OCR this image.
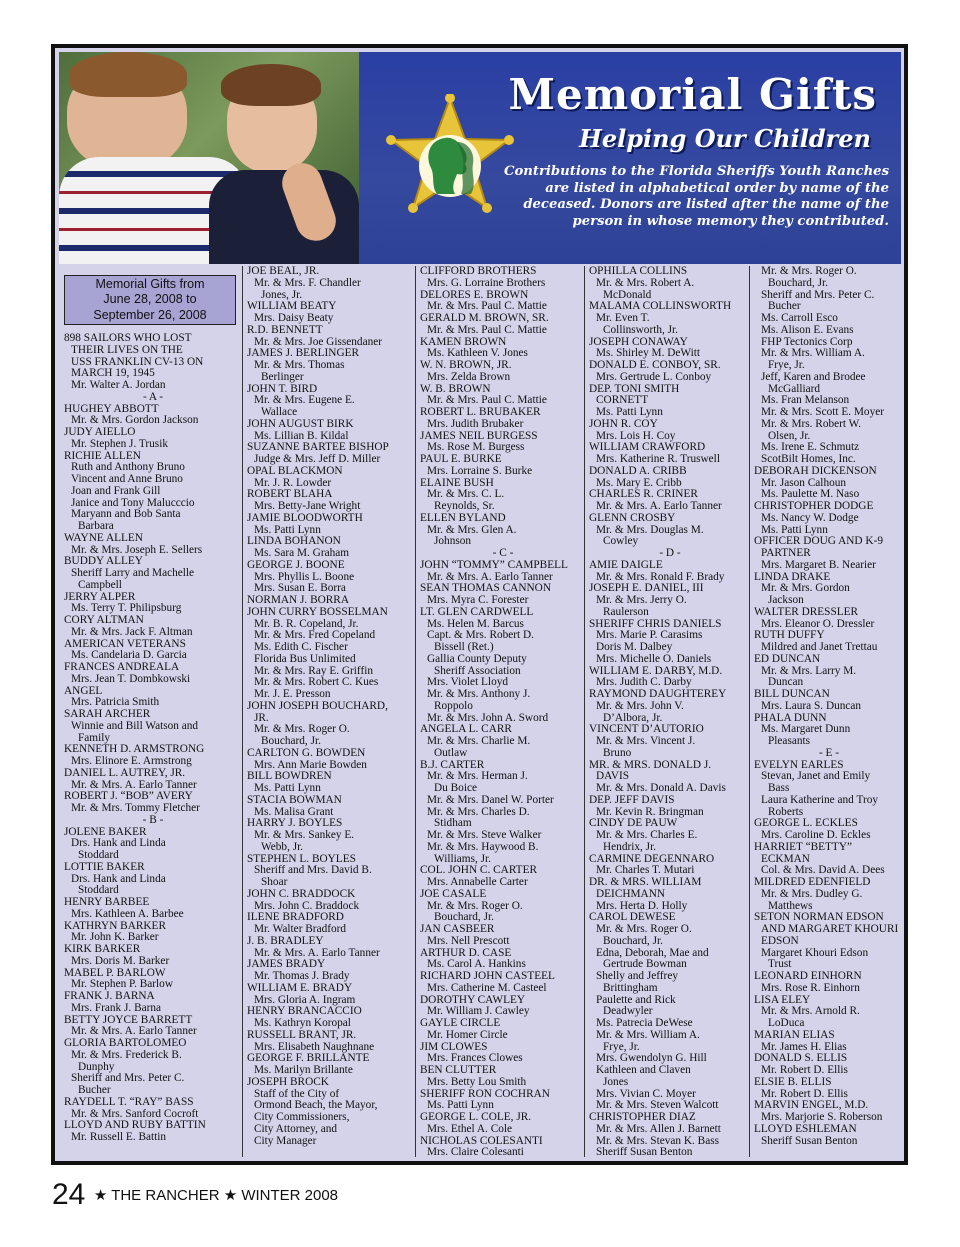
Memorial Gifts
Helping Our Children

Contributions to the Florida Sheriffs Youth Ranches are listed in alphabetical order by name of the deceased. Donors are listed after the name of the person in whose memory they contributed.

Memorial Gifts from
June 28, 2008 to
September 26, 2008
898 SAILORS WHO LOST
THEIR LIVES ON THE
USS FRANKLIN CV-13 ON
MARCH 19, 1945
Mr. Walter A. Jordan
- A -
HUGHEY ABBOTT
Mr. & Mrs. Gordon Jackson
JUDY AIELLO
Mr. Stephen J. Trusik
RICHIE ALLEN
Ruth and Anthony Bruno
Vincent and Anne Bruno
Joan and Frank Gill
Janice and Tony Malucccio
Maryann and Bob Santa
Barbara
WAYNE ALLEN
Mr. & Mrs. Joseph E. Sellers
BUDDY ALLEY
Sheriff Larry and Machelle
Campbell
JERRY ALPER
Ms. Terry T. Philipsburg
CORY ALTMAN
Mr. & Mrs. Jack F. Altman
AMERICAN VETERANS
Ms. Candelaria D. Garcia
FRANCES ANDREALA
Mrs. Jean T. Dombkowski
ANGEL
Mrs. Patricia Smith
SARAH ARCHER
Winnie and Bill Watson and
Family
KENNETH D. ARMSTRONG
Mrs. Elinore E. Armstrong
DANIEL L. AUTREY, JR.
Mr. & Mrs. A. Earlo Tanner
ROBERT J. “BOB” AVERY
Mr. & Mrs. Tommy Fletcher
- B -
JOLENE BAKER
Drs. Hank and Linda
Stoddard
LOTTIE BAKER
Drs. Hank and Linda
Stoddard
HENRY BARBEE
Mrs. Kathleen A. Barbee
KATHRYN BARKER
Mr. John K. Barker
KIRK BARKER
Mrs. Doris M. Barker
MABEL P. BARLOW
Mr. Stephen P. Barlow
FRANK J. BARNA
Mrs. Frank J. Barna
BETTY JOYCE BARRETT
Mr. & Mrs. A. Earlo Tanner
GLORIA BARTOLOMEO
Mr. & Mrs. Frederick B.
Dunphy
Sheriff and Mrs. Peter C.
Bucher
RAYDELL T. “RAY” BASS
Mr. & Mrs. Sanford Cocroft
LLOYD AND RUBY BATTIN
Mr. Russell E. Battin
JOE BEAL, JR.
Mr. & Mrs. F. Chandler
Jones, Jr.
WILLIAM BEATY
Mrs. Daisy Beaty
R.D. BENNETT
Mr. & Mrs. Joe Gissendaner
JAMES J. BERLINGER
Mr. & Mrs. Thomas
Berlinger
JOHN T. BIRD
Mr. & Mrs. Eugene E.
Wallace
JOHN AUGUST BIRK
Ms. Lillian B. Kildal
SUZANNE BARTEE BISHOP
Judge & Mrs. Jeff D. Miller
OPAL BLACKMON
Mr. J. R. Lowder
ROBERT BLAHA
Mrs. Betty-Jane Wright
JAMIE BLOODWORTH
Ms. Patti Lynn
LINDA BOHANON
Ms. Sara M. Graham
GEORGE J. BOONE
Mrs. Phyllis L. Boone
Mrs. Susan E. Borra
NORMAN J. BORRA
JOHN CURRY BOSSELMAN
Mr. B. R. Copeland, Jr.
Mr. & Mrs. Fred Copeland
Ms. Edith C. Fischer
Florida Bus Unlimited
Mr. & Mrs. Ray E. Griffin
Mr. & Mrs. Robert C. Kues
Mr. J. E. Presson
JOHN JOSEPH BOUCHARD,
JR.
Mr. & Mrs. Roger O.
Bouchard, Jr.
CARLTON G. BOWDEN
Mrs. Ann Marie Bowden
BILL BOWDREN
Ms. Patti Lynn
STACIA BOWMAN
Ms. Malisa Grant
HARRY J. BOYLES
Mr. & Mrs. Sankey E.
Webb, Jr.
STEPHEN L. BOYLES
Sheriff and Mrs. David B.
Shoar
JOHN C. BRADDOCK
Mrs. John C. Braddock
ILENE BRADFORD
Mr. Walter Bradford
J. B. BRADLEY
Mr. & Mrs. A. Earlo Tanner
JAMES BRADY
Mr. Thomas J. Brady
WILLIAM E. BRADY
Mrs. Gloria A. Ingram
HENRY BRANCACCIO
Ms. Kathryn Koropal
RUSSELL BRANT, JR.
Mrs. Elisabeth Naughnane
GEORGE F. BRILLANTE
Ms. Marilyn Brillante
JOSEPH BROCK
Staff of the City of
Ormond Beach, the Mayor,
City Commissioners,
City Attorney, and
City Manager
CLIFFORD BROTHERS
Mrs. G. Lorraine Brothers
DELORES E. BROWN
Mr. & Mrs. Paul C. Mattie
GERALD M. BROWN, SR.
Mr. & Mrs. Paul C. Mattie
KAMEN BROWN
Ms. Kathleen V. Jones
W. N. BROWN, JR.
Mrs. Zelda Brown
W. B. BROWN
Mr. & Mrs. Paul C. Mattie
ROBERT L. BRUBAKER
Mrs. Judith Brubaker
JAMES NEIL BURGESS
Ms. Rose M. Burgess
PAUL E. BURKE
Mrs. Lorraine S. Burke
ELAINE BUSH
Mr. & Mrs. C. L.
Reynolds, Sr.
ELLEN BYLAND
Mr. & Mrs. Glen A.
Johnson
- C -
JOHN “TOMMY” CAMPBELL
Mr. & Mrs. A. Earlo Tanner
SEAN THOMAS CANNON
Mrs. Myra C. Forester
LT. GLEN CARDWELL
Ms. Helen M. Barcus
Capt. & Mrs. Robert D.
Bissell (Ret.)
Gallia County Deputy
Sheriff Association
Mrs. Violet Lloyd
Mr. & Mrs. Anthony J.
Roppolo
Mr. & Mrs. John A. Sword
ANGELA L. CARR
Mr. & Mrs. Charlie M.
Outlaw
B.J. CARTER
Mr. & Mrs. Herman J.
Du Boice
Mr. & Mrs. Danel W. Porter
Mr. & Mrs. Charles D.
Stidham
Mr. & Mrs. Steve Walker
Mr. & Mrs. Haywood B.
Williams, Jr.
COL. JOHN C. CARTER
Mrs. Annabelle Carter
JOE CASALE
Mr. & Mrs. Roger O.
Bouchard, Jr.
JAN CASBEER
Mrs. Nell Prescott
ARTHUR D. CASE
Ms. Carol A. Hankins
RICHARD JOHN CASTEEL
Mrs. Catherine M. Casteel
DOROTHY CAWLEY
Mr. William J. Cawley
GAYLE CIRCLE
Mr. Homer Circle
JIM CLOWES
Mrs. Frances Clowes
BEN CLUTTER
Mrs. Betty Lou Smith
SHERIFF RON COCHRAN
Ms. Patti Lynn
GEORGE L. COLE, JR.
Mrs. Ethel A. Cole
NICHOLAS COLESANTI
Mrs. Claire Colesanti
OPHILLA COLLINS
Mr. & Mrs. Robert A.
McDonald
MALAMA COLLINSWORTH
Mr. Even T.
Collinsworth, Jr.
JOSEPH CONAWAY
Ms. Shirley M. DeWitt
DONALD E. CONBOY, SR.
Mrs. Gertrude L. Conboy
DEP. TONI SMITH
CORNETT
Ms. Patti Lynn
JOHN R. COY
Mrs. Lois H. Coy
WILLIAM CRAWFORD
Mrs. Katherine R. Truswell
DONALD A. CRIBB
Ms. Mary E. Cribb
CHARLES R. CRINER
Mr. & Mrs. A. Earlo Tanner
GLENN CROSBY
Mr. & Mrs. Douglas M.
Cowley
- D -
AMIE DAIGLE
Mr. & Mrs. Ronald F. Brady
JOSEPH E. DANIEL, III
Mr. & Mrs. Jerry O.
Raulerson
SHERIFF CHRIS DANIELS
Mrs. Marie P. Carasims
Doris M. Dalbey
Mrs. Michelle O. Daniels
WILLIAM E. DARBY, M.D.
Mrs. Judith C. Darby
RAYMOND DAUGHTEREY
Mr. & Mrs. John V.
D’Albora, Jr.
VINCENT D’AUTORIO
Mr. & Mrs. Vincent J.
Bruno
MR. & MRS. DONALD J.
DAVIS
Mr. & Mrs. Donald A. Davis
DEP. JEFF DAVIS
Mr. Kevin R. Bringman
CINDY DE PAUW
Mr. & Mrs. Charles E.
Hendrix, Jr.
CARMINE DEGENNARO
Mr. Charles T. Mutari
DR. & MRS. WILLIAM
DEICHMANN
Mrs. Herta D. Holly
CAROL DEWESE
Mr. & Mrs. Roger O.
Bouchard, Jr.
Edna, Deborah, Mae and
Gertrude Bowman
Shelly and Jeffrey
Brittingham
Paulette and Rick
Deadwyler
Ms. Patrecia DeWese
Mr. & Mrs. William A.
Frye, Jr.
Mrs. Gwendolyn G. Hill
Kathleen and Claven
Jones
Mrs. Vivian C. Moyer
Mr. & Mrs. Steven Walcott
CHRISTOPHER DIAZ
Mr. & Mrs. Allen J. Barnett
Mr. & Mrs. Stevan K. Bass
Sheriff Susan Benton
Mr. & Mrs. Roger O.
Bouchard, Jr.
Sheriff and Mrs. Peter C.
Bucher
Ms. Carroll Esco
Ms. Alison E. Evans
FHP Tectonics Corp
Mr. & Mrs. William A.
Frye, Jr.
Jeff, Karen and Brodee
McGalliard
Ms. Fran Melanson
Mr. & Mrs. Scott E. Moyer
Mr. & Mrs. Robert W.
Olsen, Jr.
Ms. Irene E. Schmutz
ScotBilt Homes, Inc.
DEBORAH DICKENSON
Mr. Jason Calhoun
Ms. Paulette M. Naso
CHRISTOPHER DODGE
Ms. Nancy W. Dodge
Ms. Patti Lynn
OFFICER DOUG AND K-9
PARTNER
Mrs. Margaret B. Nearier
LINDA DRAKE
Mr. & Mrs. Gordon
Jackson
WALTER DRESSLER
Mrs. Eleanor O. Dressler
RUTH DUFFY
Mildred and Janet Trettau
ED DUNCAN
Mr. & Mrs. Larry M.
Duncan
BILL DUNCAN
Mrs. Laura S. Duncan
PHALA DUNN
Ms. Margaret Dunn
Pleasants
- E -
EVELYN EARLES
Stevan, Janet and Emily
Bass
Laura Katherine and Troy
Roberts
GEORGE L. ECKLES
Mrs. Caroline D. Eckles
HARRIET “BETTY”
ECKMAN
Col. & Mrs. David A. Dees
MILDRED EDENFIELD
Mr. & Mrs. Dudley G.
Matthews
SETON NORMAN EDSON
AND MARGARET KHOURI
EDSON
Margaret Khouri Edson
Trust
LEONARD EINHORN
Mrs. Rose R. Einhorn
LISA ELEY
Mr. & Mrs. Arnold R.
LoDuca
MARIAN ELIAS
Mr. James H. Elias
DONALD S. ELLIS
Mr. Robert D. Ellis
ELSIE B. ELLIS
Mr. Robert D. Ellis
MARVIN ENGEL, M.D.
Mrs. Marjorie S. Roberson
LLOYD ESHLEMAN
Sheriff Susan Benton
24 ★ THE RANCHER ★ WINTER 2008
